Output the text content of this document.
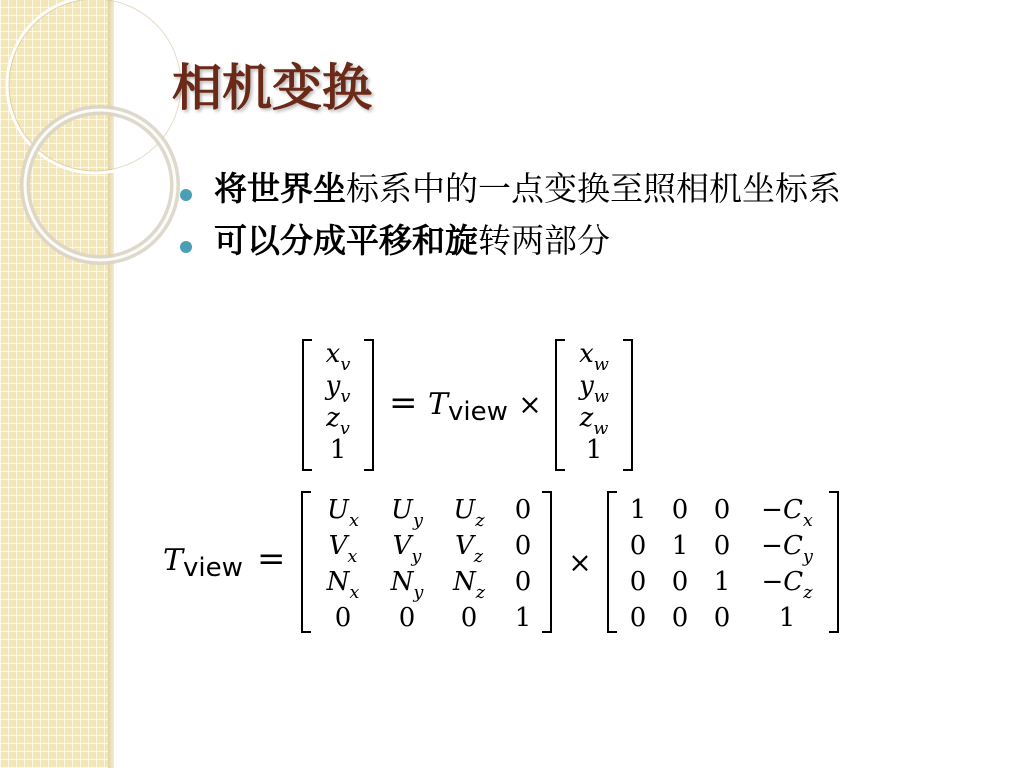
相机变换
将世界坐标系中的一点变换至照相机坐标系
可以分成平移和旋转两部分
$x_v$
$y_v$
$z_v$
1
$x_w$
$y_w$
$z_w$
1
= Tview ×
$U_x$ $U_y$ $U_z$ 0
$V_x$ $V_y$ $V_z$ 0
$N_x$ $N_y$ $N_z$ 0
0 0 0 1
1 0 $0 -C_x$
0 1 $0 -C_y$
0 0 $1 -C_z$
0 0 0 1
Tview =	×
